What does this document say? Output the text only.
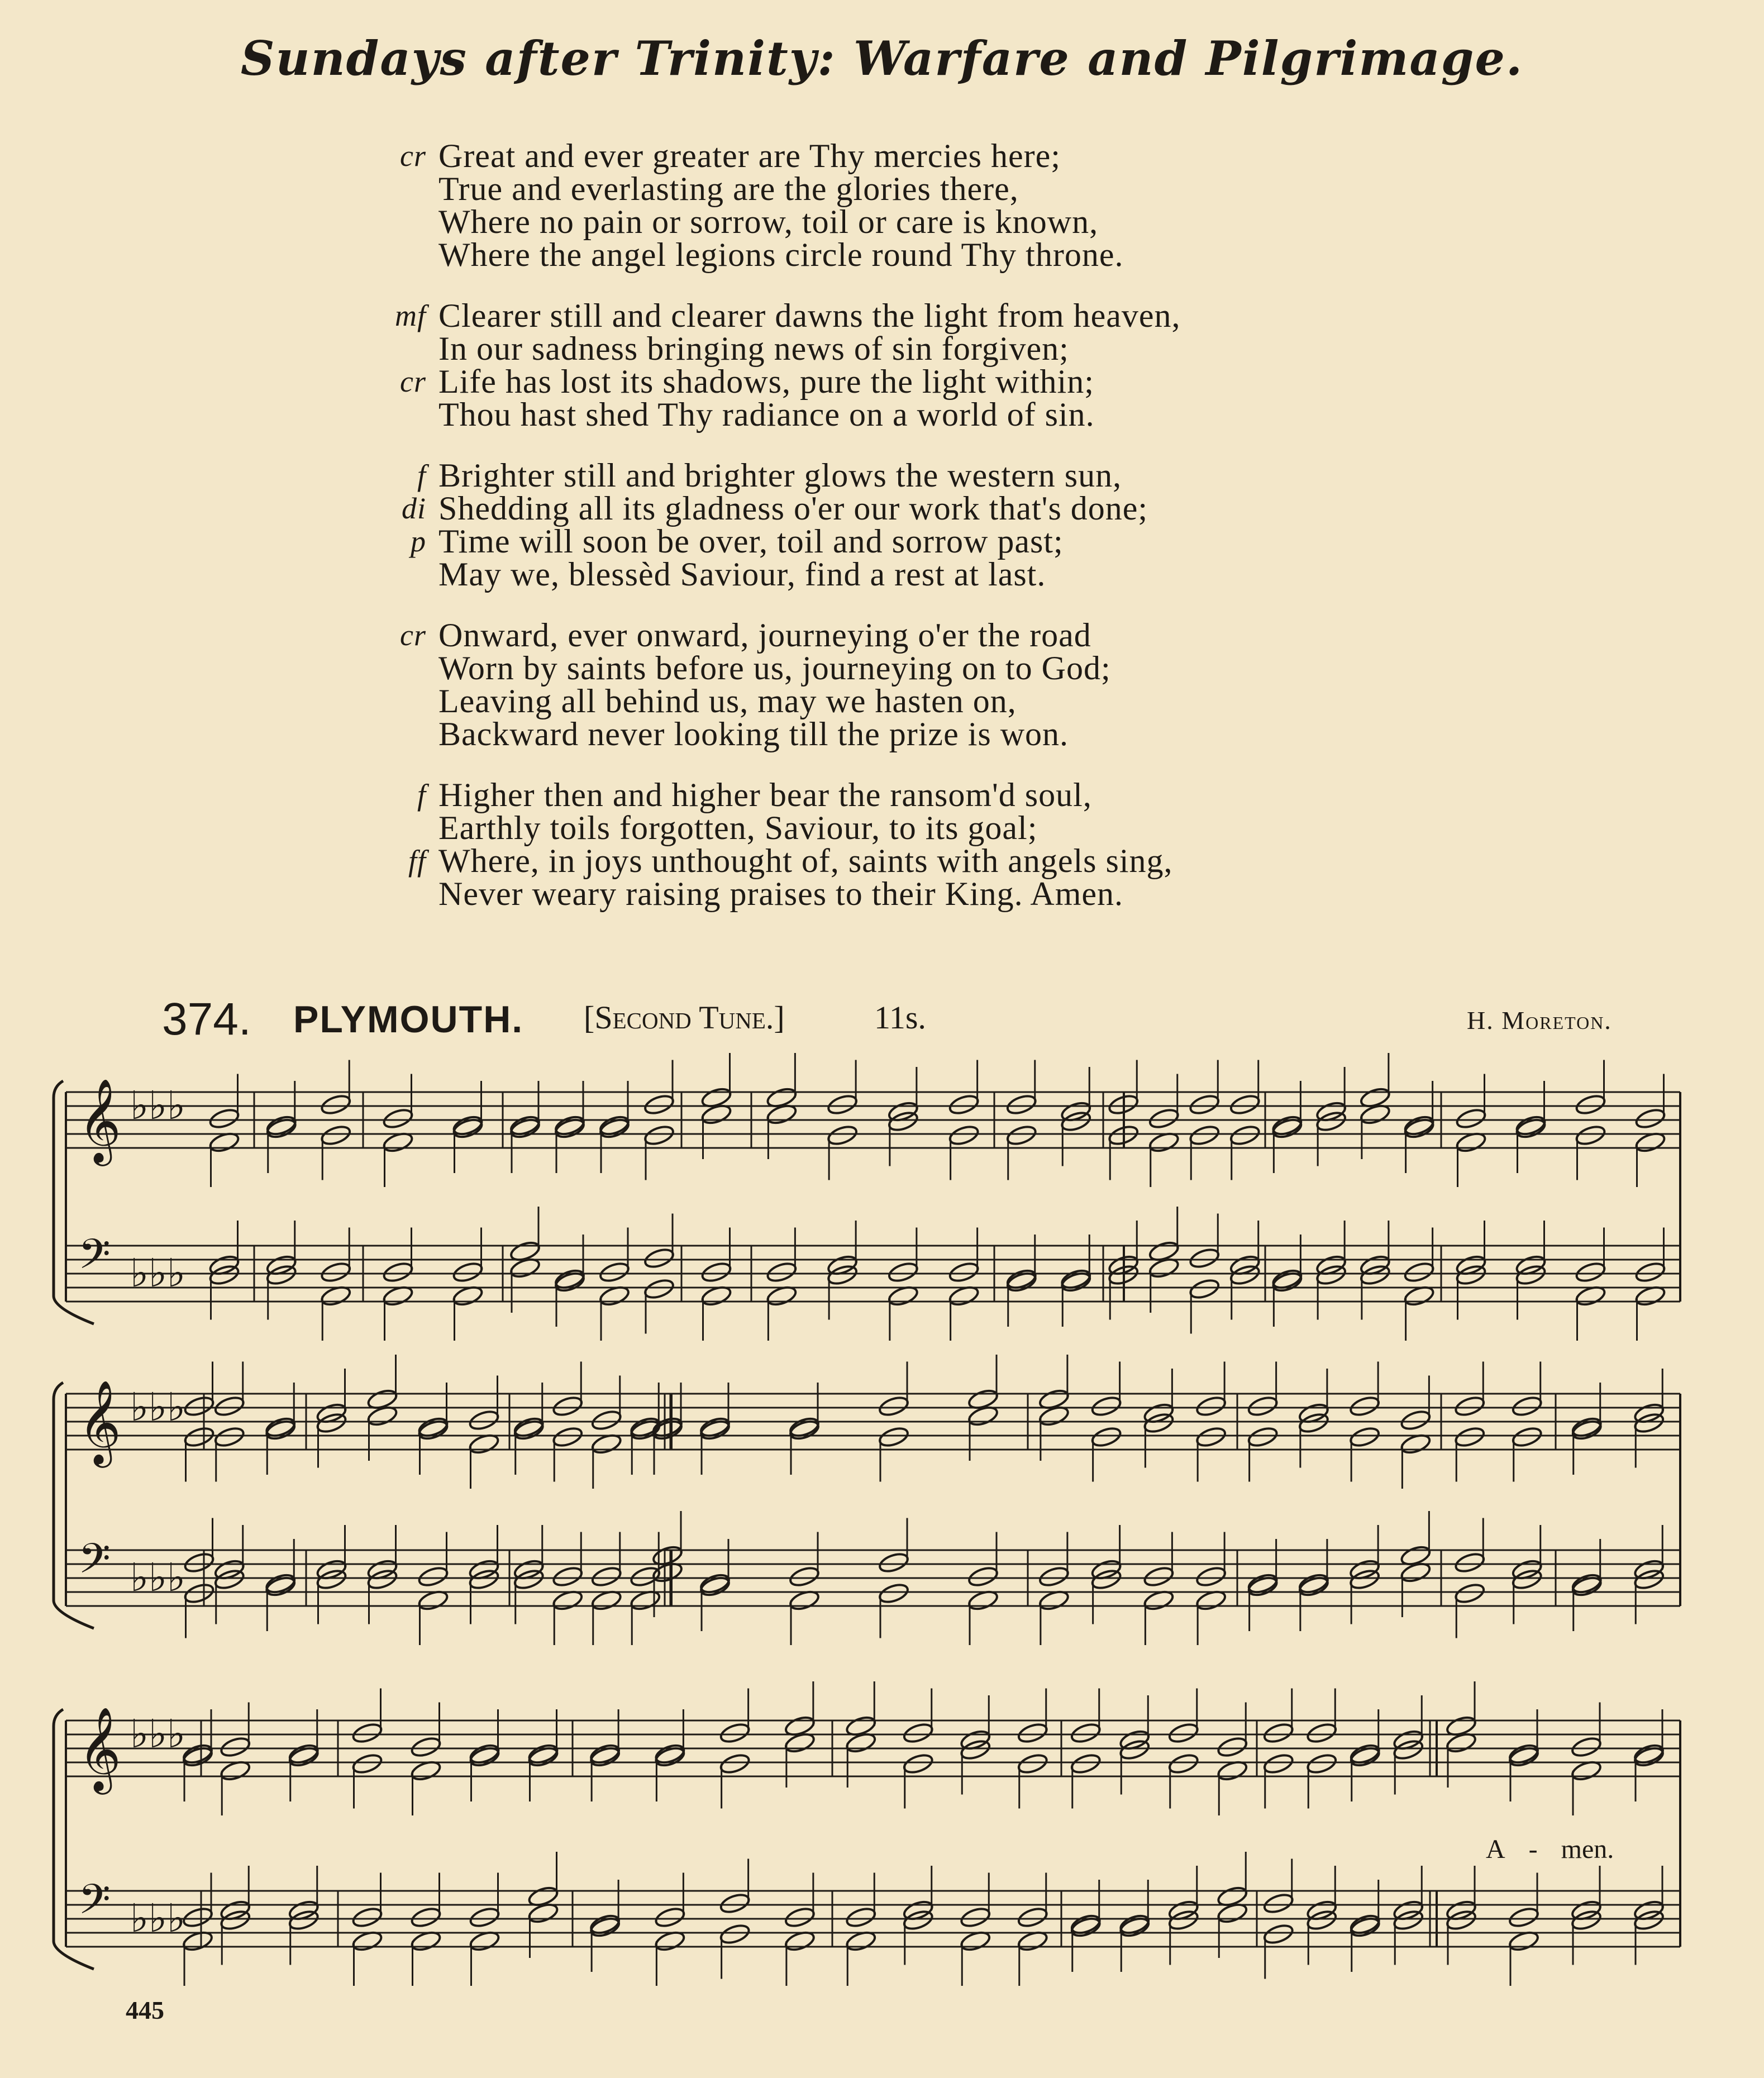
Sundays after Trinity: Warfare and Pilgrimage.
cr Great and ever greater are Thy mercies here;
True and everlasting are the glories there,
Where no pain or sorrow, toil or care is known,
Where the angel legions circle round Thy throne.
mf Clearer still and clearer dawns the light from heaven,
In our sadness bringing news of sin forgiven;
cr Life has lost its shadows, pure the light within;
Thou hast shed Thy radiance on a world of sin.
f Brighter still and brighter glows the western sun,
di Shedding all its gladness o'er our work that's done;
p Time will soon be over, toil and sorrow past;
May we, blessèd Saviour, find a rest at last.
cr Onward, ever onward, journeying o'er the road
Worn by saints before us, journeying on to God;
Leaving all behind us, may we hasten on,
Backward never looking till the prize is won.
f Higher then and higher bear the ransom'd soul,
Earthly toils forgotten, Saviour, to its goal;
ff Where, in joys unthought of, saints with angels sing,
Never weary raising praises to their King. Amen.
374. PLYMOUTH. [Second Tune.]	11s.	H. Moreton.
𝄞 ♭♭♭
𝄢 ♭♭♭
𝄞 ♭♭♭
𝄢 ♭♭♭
𝄞 ♭♭♭
𝄢 ♭♭♭
A - men.
445
